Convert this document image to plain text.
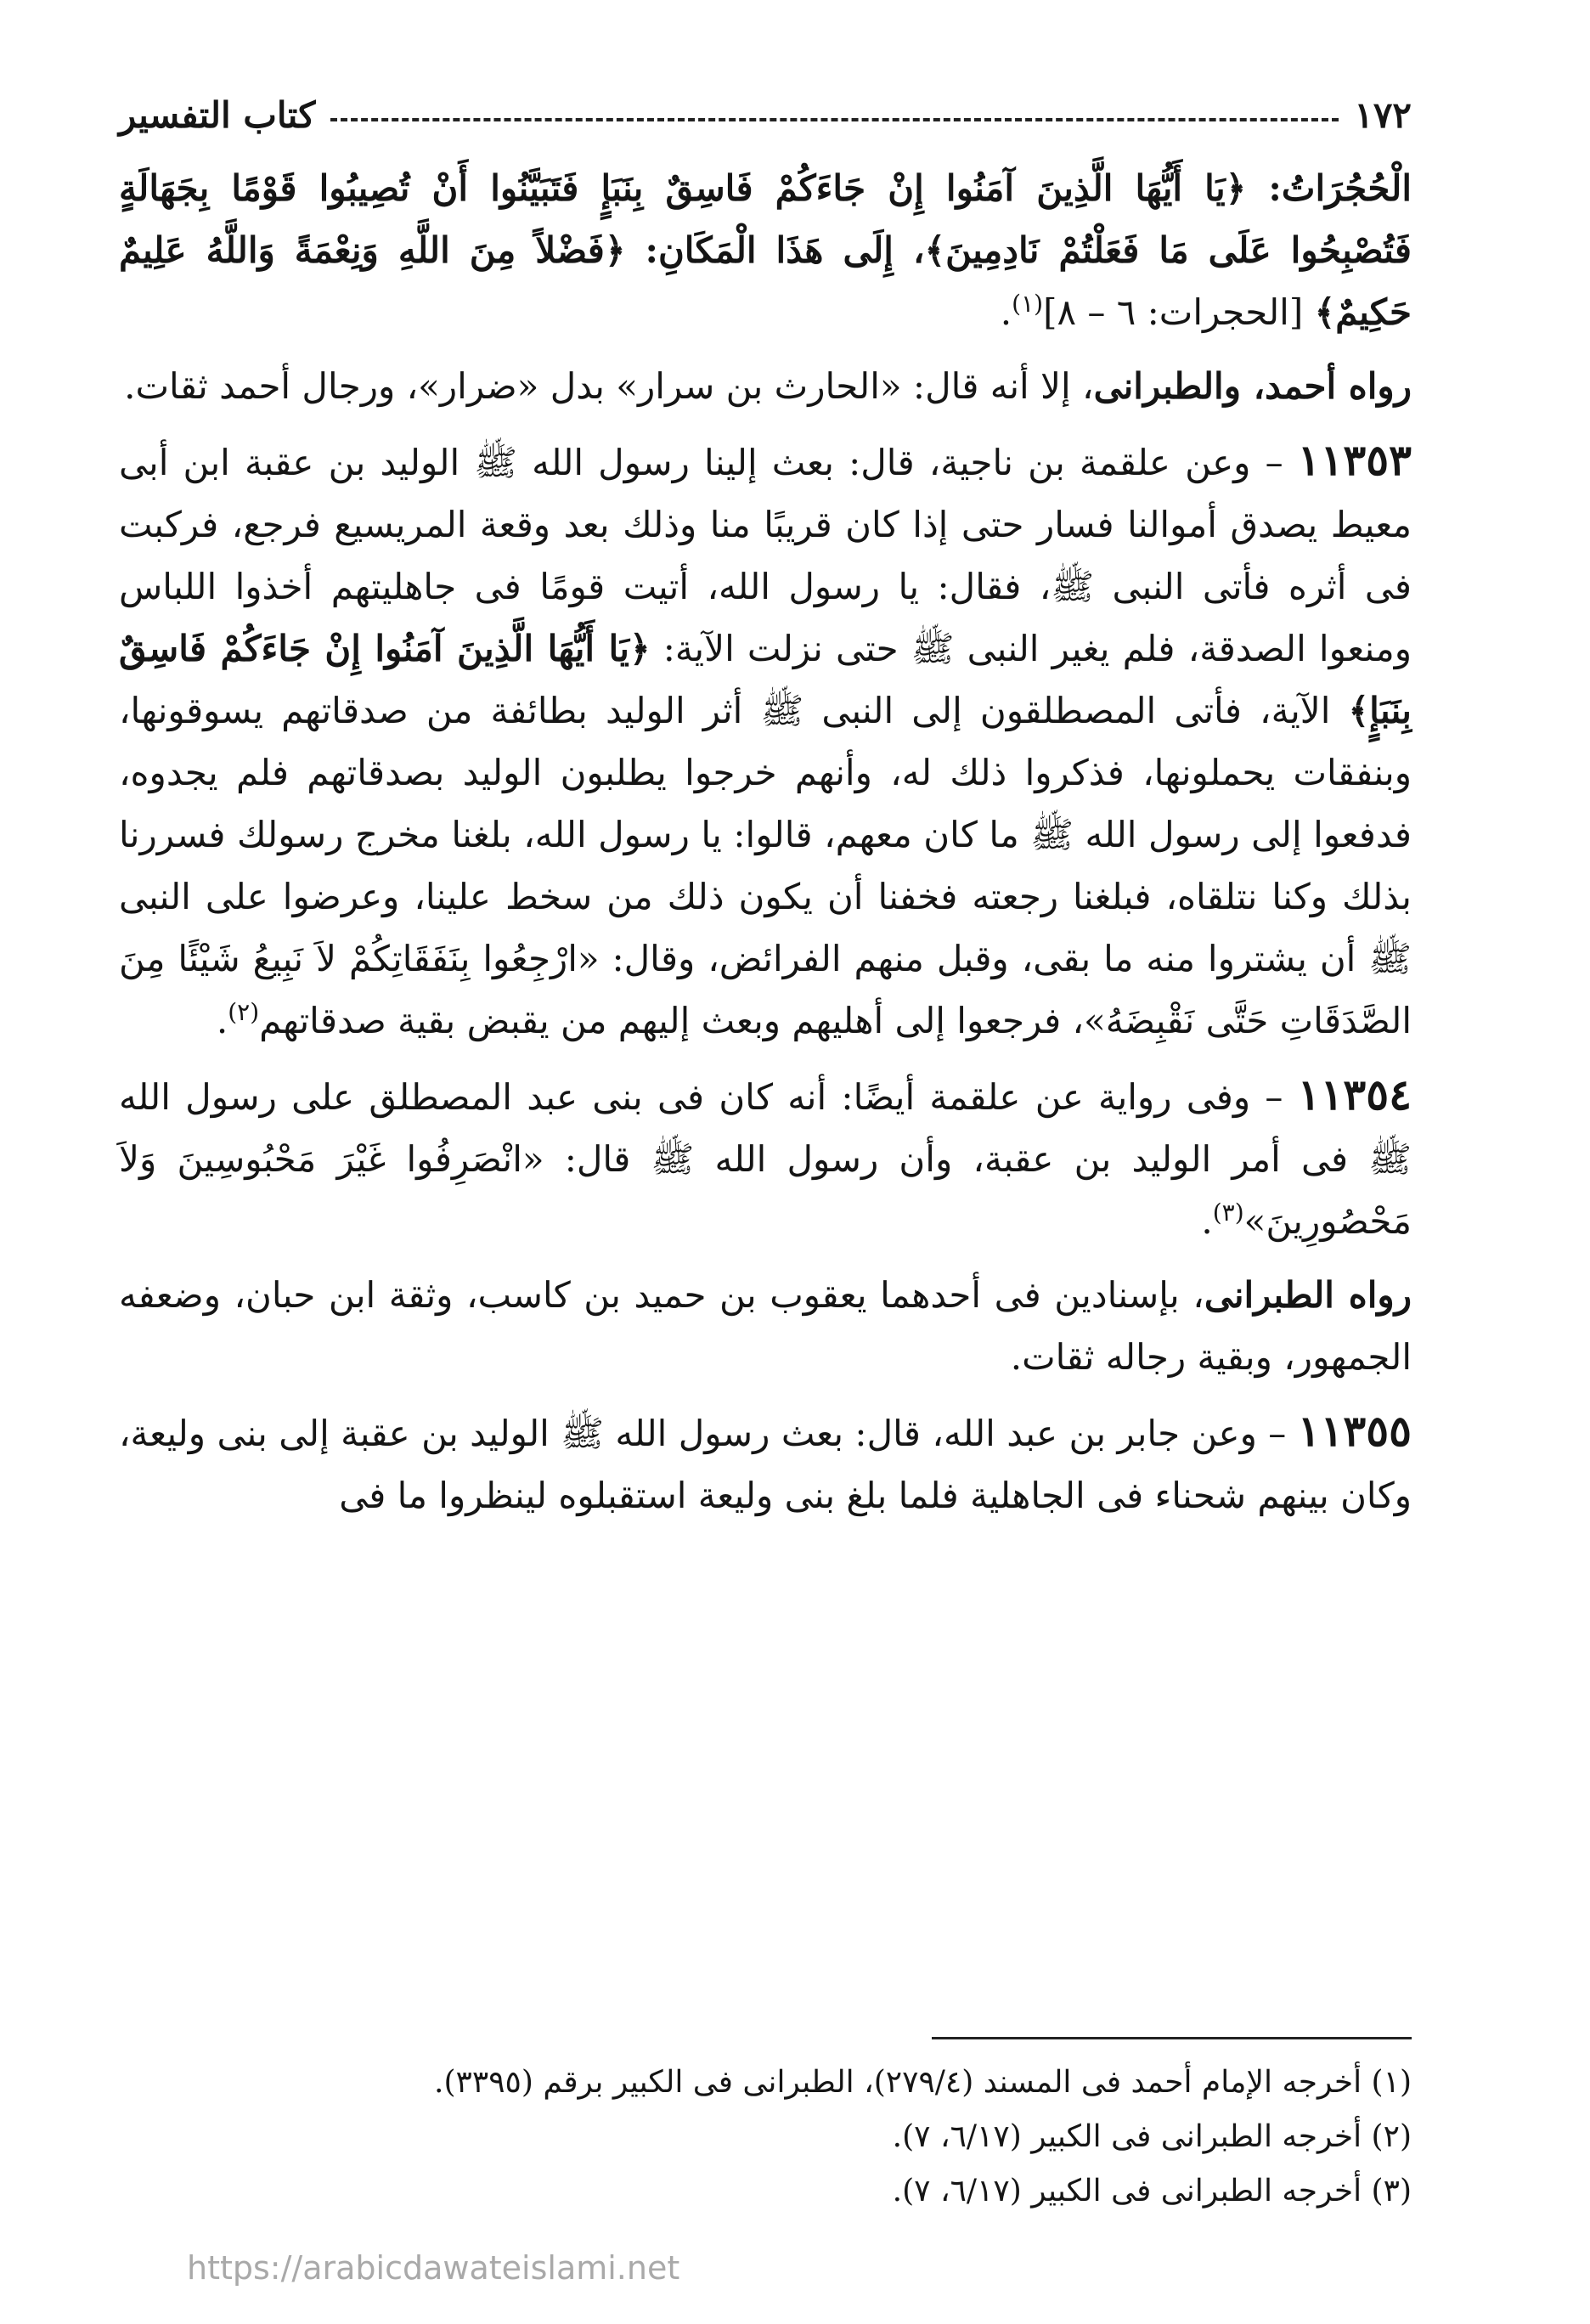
١٧٢
كتاب التفسير

الْحُجُرَاتُ: ﴿يَا أَيُّهَا الَّذِينَ آمَنُوا إِنْ جَاءَكُمْ فَاسِقٌ بِنَبَإٍ فَتَبَيَّنُوا أَنْ تُصِيبُوا قَوْمًا بِجَهَالَةٍ فَتُصْبِحُوا عَلَى مَا فَعَلْتُمْ نَادِمِينَ﴾، إِلَى هَذَا الْمَكَانِ: ﴿فَضْلاً مِنَ اللَّهِ وَنِعْمَةً وَاللَّهُ عَلِيمٌ حَكِيمٌ﴾ [الحجرات: ٦ – ٨]$^{(١)}$.

رواه أحمد، والطبرانى، إلا أنه قال: «الحارث بن سرار» بدل «ضرار»، ورجال أحمد ثقات.

١١٣٥٣ – وعن علقمة بن ناجية، قال: بعث إلينا رسول الله ﷺ الوليد بن عقبة ابن أبى معيط يصدق أموالنا فسار حتى إذا كان قريبًا منا وذلك بعد وقعة المريسيع فرجع، فركبت فى أثره فأتى النبى ﷺ، فقال: يا رسول الله، أتيت قومًا فى جاهليتهم أخذوا اللباس ومنعوا الصدقة، فلم يغير النبى ﷺ حتى نزلت الآية: ﴿يَا أَيُّهَا الَّذِينَ آمَنُوا إِنْ جَاءَكُمْ فَاسِقٌ بِنَبَإٍ﴾ الآية، فأتى المصطلقون إلى النبى ﷺ أثر الوليد بطائفة من صدقاتهم يسوقونها، وبنفقات يحملونها، فذكروا ذلك له، وأنهم خرجوا يطلبون الوليد بصدقاتهم فلم يجدوه، فدفعوا إلى رسول الله ﷺ ما كان معهم، قالوا: يا رسول الله، بلغنا مخرج رسولك فسررنا بذلك وكنا نتلقاه، فبلغنا رجعته فخفنا أن يكون ذلك من سخط علينا، وعرضوا على النبى ﷺ أن يشتروا منه ما بقى، وقبل منهم الفرائض، وقال: «ارْجِعُوا بِنَفَقَاتِكُمْ لاَ نَبِيعُ شَيْئًا مِنَ الصَّدَقَاتِ حَتَّى نَقْبِضَهُ»، فرجعوا إلى أهليهم وبعث إليهم من يقبض بقية صدقاتهم$^{(٢)}$.

١١٣٥٤ – وفى رواية عن علقمة أيضًا: أنه كان فى بنى عبد المصطلق على رسول الله ﷺ فى أمر الوليد بن عقبة، وأن رسول الله ﷺ قال: «انْصَرِفُوا غَيْرَ مَحْبُوسِينَ وَلاَ مَحْصُورِينَ»$^{(٣)}$.

رواه الطبرانى، بإسنادين فى أحدهما يعقوب بن حميد بن كاسب، وثقة ابن حبان، وضعفه الجمهور، وبقية رجاله ثقات.

١١٣٥٥ – وعن جابر بن عبد الله، قال: بعث رسول الله ﷺ الوليد بن عقبة إلى بنى وليعة، وكان بينهم شحناء فى الجاهلية فلما بلغ بنى وليعة استقبلوه لينظروا ما فى

(١) أخرجه الإمام أحمد فى المسند (٢٧٩/٤)، الطبرانى فى الكبير برقم (٣٣٩٥).

(٢) أخرجه الطبرانى فى الكبير (٦/١٧، ٧).

(٣) أخرجه الطبرانى فى الكبير (٦/١٧، ٧).

https://arabicdawateislami.net
